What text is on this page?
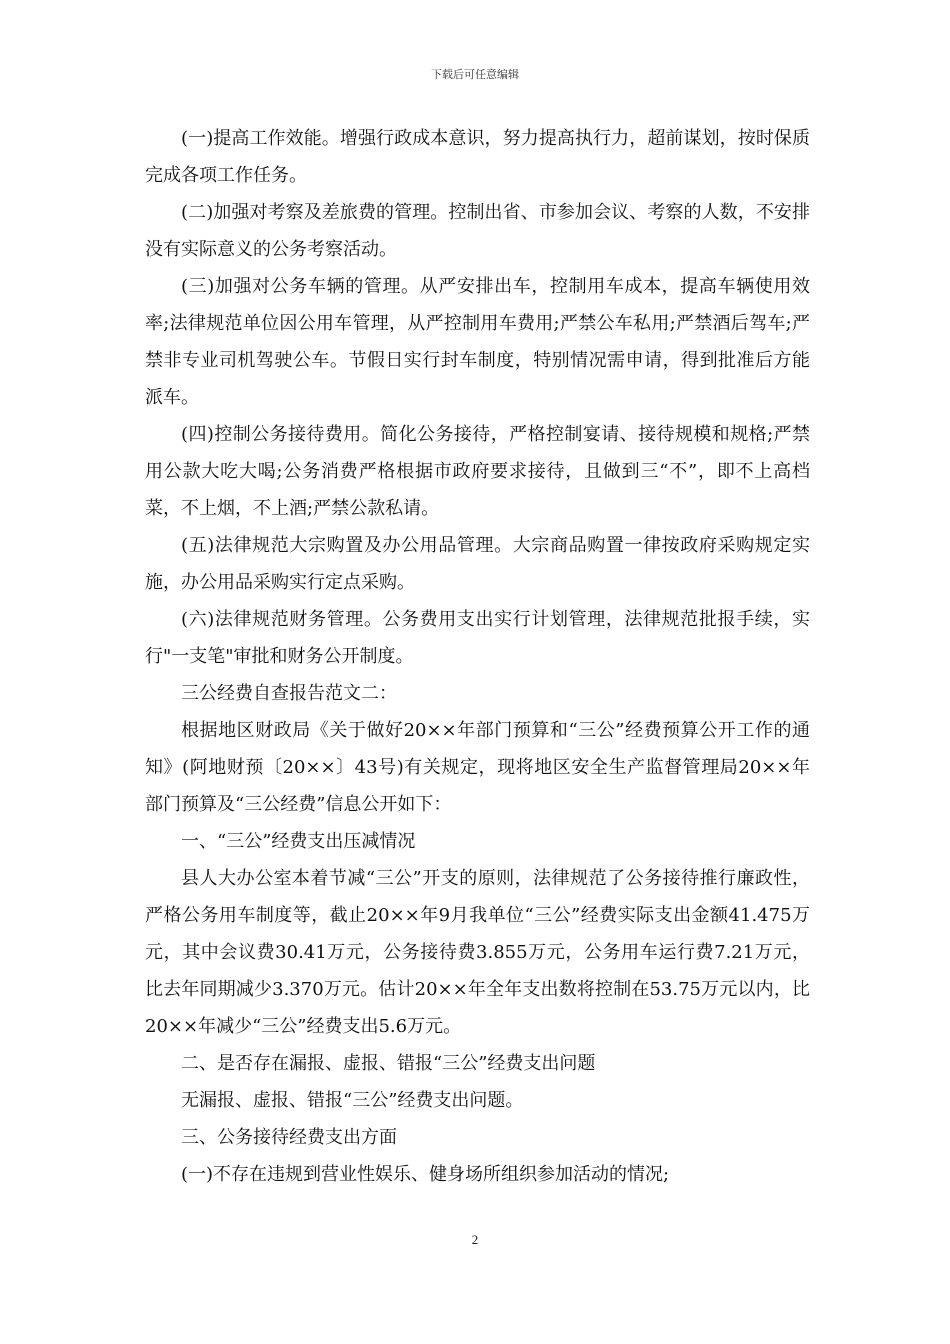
下载后可任意编辑

(一)提高工作效能。增强行政成本意识，努力提高执行力，超前谋划，按时保质完成各项工作任务。

(二)加强对考察及差旅费的管理。控制出省、市参加会议、考察的人数，不安排没有实际意义的公务考察活动。

(三)加强对公务车辆的管理。从严安排出车，控制用车成本，提高车辆使用效率;法律规范单位因公用车管理，从严控制用车费用;严禁公车私用;严禁酒后驾车;严禁非专业司机驾驶公车。节假日实行封车制度，特别情况需申请，得到批准后方能派车。

(四)控制公务接待费用。简化公务接待，严格控制宴请、接待规模和规格;严禁用公款大吃大喝;公务消费严格根据市政府要求接待，且做到三“不”，即不上高档菜，不上烟，不上酒;严禁公款私请。

(五)法律规范大宗购置及办公用品管理。大宗商品购置一律按政府采购规定实施，办公用品采购实行定点采购。

(六)法律规范财务管理。公务费用支出实行计划管理，法律规范批报手续，实行"一支笔"审批和财务公开制度。

三公经费自查报告范文二：

根据地区财政局《关于做好20××年部门预算和“三公”经费预算公开工作的通知》(阿地财预〔20××〕43号)有关规定，现将地区安全生产监督管理局20××年部门预算及“三公经费”信息公开如下：

一、“三公”经费支出压减情况

县人大办公室本着节减“三公”开支的原则，法律规范了公务接待推行廉政性，严格公务用车制度等，截止20××年9月我单位“三公”经费实际支出金额41.475万元，其中会议费30.41万元，公务接待费3.855万元，公务用车运行费7.21万元，比去年同期减少3.370万元。估计20××年全年支出数将控制在53.75万元以内，比20××年减少“三公”经费支出5.6万元。

二、是否存在漏报、虚报、错报“三公”经费支出问题

无漏报、虚报、错报“三公”经费支出问题。

三、公务接待经费支出方面

(一)不存在违规到营业性娱乐、健身场所组织参加活动的情况;

2
